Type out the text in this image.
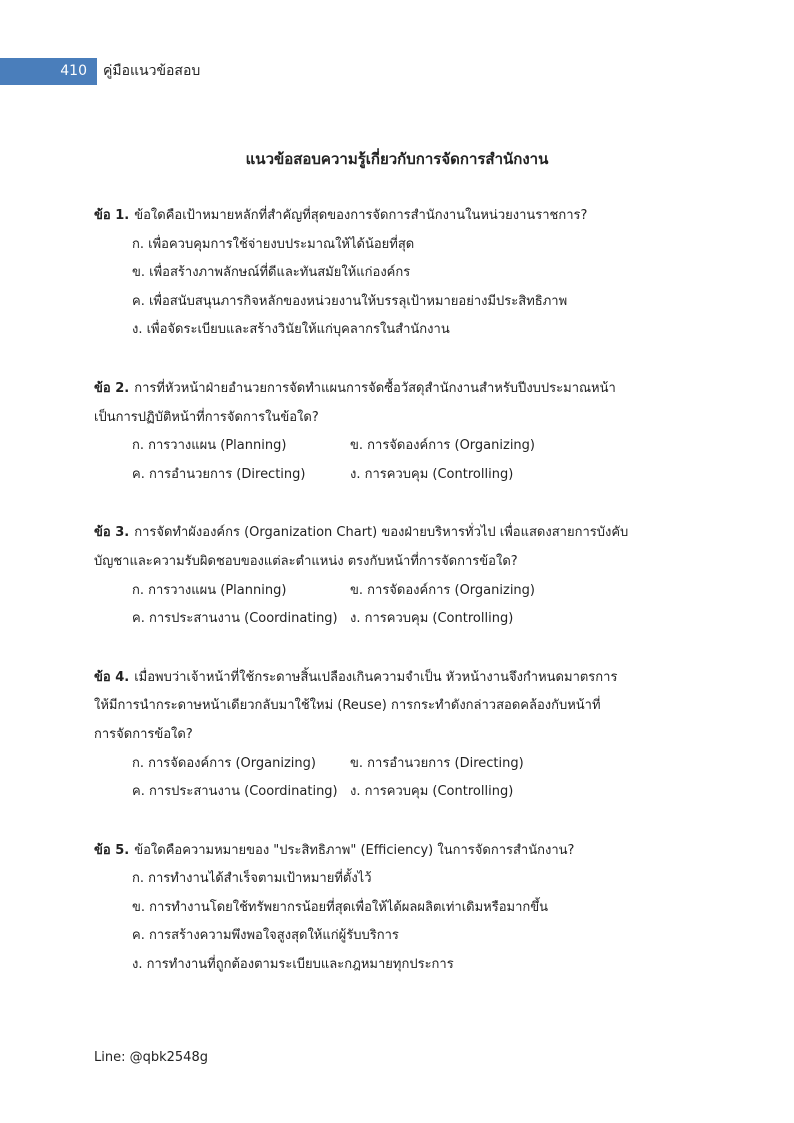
410	คู่มือแนวข้อสอบ
แนวข้อสอบความรู้เกี่ยวกับการจัดการสำนักงาน
ข้อ 1. ข้อใดคือเป้าหมายหลักที่สำคัญที่สุดของการจัดการสำนักงานในหน่วยงานราชการ?
ก. เพื่อควบคุมการใช้จ่ายงบประมาณให้ได้น้อยที่สุด
ข. เพื่อสร้างภาพลักษณ์ที่ดีและทันสมัยให้แก่องค์กร
ค. เพื่อสนับสนุนภารกิจหลักของหน่วยงานให้บรรลุเป้าหมายอย่างมีประสิทธิภาพ
ง. เพื่อจัดระเบียบและสร้างวินัยให้แก่บุคลากรในสำนักงาน
ข้อ 2. การที่หัวหน้าฝ่ายอำนวยการจัดทำแผนการจัดซื้อวัสดุสำนักงานสำหรับปีงบประมาณหน้า
เป็นการปฏิบัติหน้าที่การจัดการในข้อใด?
ก. การวางแผน (Planning)	ข. การจัดองค์การ (Organizing)
ค. การอำนวยการ (Directing)	ง. การควบคุม (Controlling)
ข้อ 3. การจัดทำผังองค์กร (Organization Chart) ของฝ่ายบริหารทั่วไป เพื่อแสดงสายการบังคับ
บัญชาและความรับผิดชอบของแต่ละตำแหน่ง ตรงกับหน้าที่การจัดการข้อใด?
ก. การวางแผน (Planning)	ข. การจัดองค์การ (Organizing)
ค. การประสานงาน (Coordinating) ง. การควบคุม (Controlling)
ข้อ 4. เมื่อพบว่าเจ้าหน้าที่ใช้กระดาษสิ้นเปลืองเกินความจำเป็น หัวหน้างานจึงกำหนดมาตรการ
ให้มีการนำกระดาษหน้าเดียวกลับมาใช้ใหม่ (Reuse) การกระทำดังกล่าวสอดคล้องกับหน้าที่
การจัดการข้อใด?
ก. การจัดองค์การ (Organizing)	ข. การอำนวยการ (Directing)
ค. การประสานงาน (Coordinating) ง. การควบคุม (Controlling)
ข้อ 5. ข้อใดคือความหมายของ "ประสิทธิภาพ" (Efficiency) ในการจัดการสำนักงาน?
ก. การทำงานได้สำเร็จตามเป้าหมายที่ตั้งไว้
ข. การทำงานโดยใช้ทรัพยากรน้อยที่สุดเพื่อให้ได้ผลผลิตเท่าเดิมหรือมากขึ้น
ค. การสร้างความพึงพอใจสูงสุดให้แก่ผู้รับบริการ
ง. การทำงานที่ถูกต้องตามระเบียบและกฎหมายทุกประการ
Line: @qbk2548g
